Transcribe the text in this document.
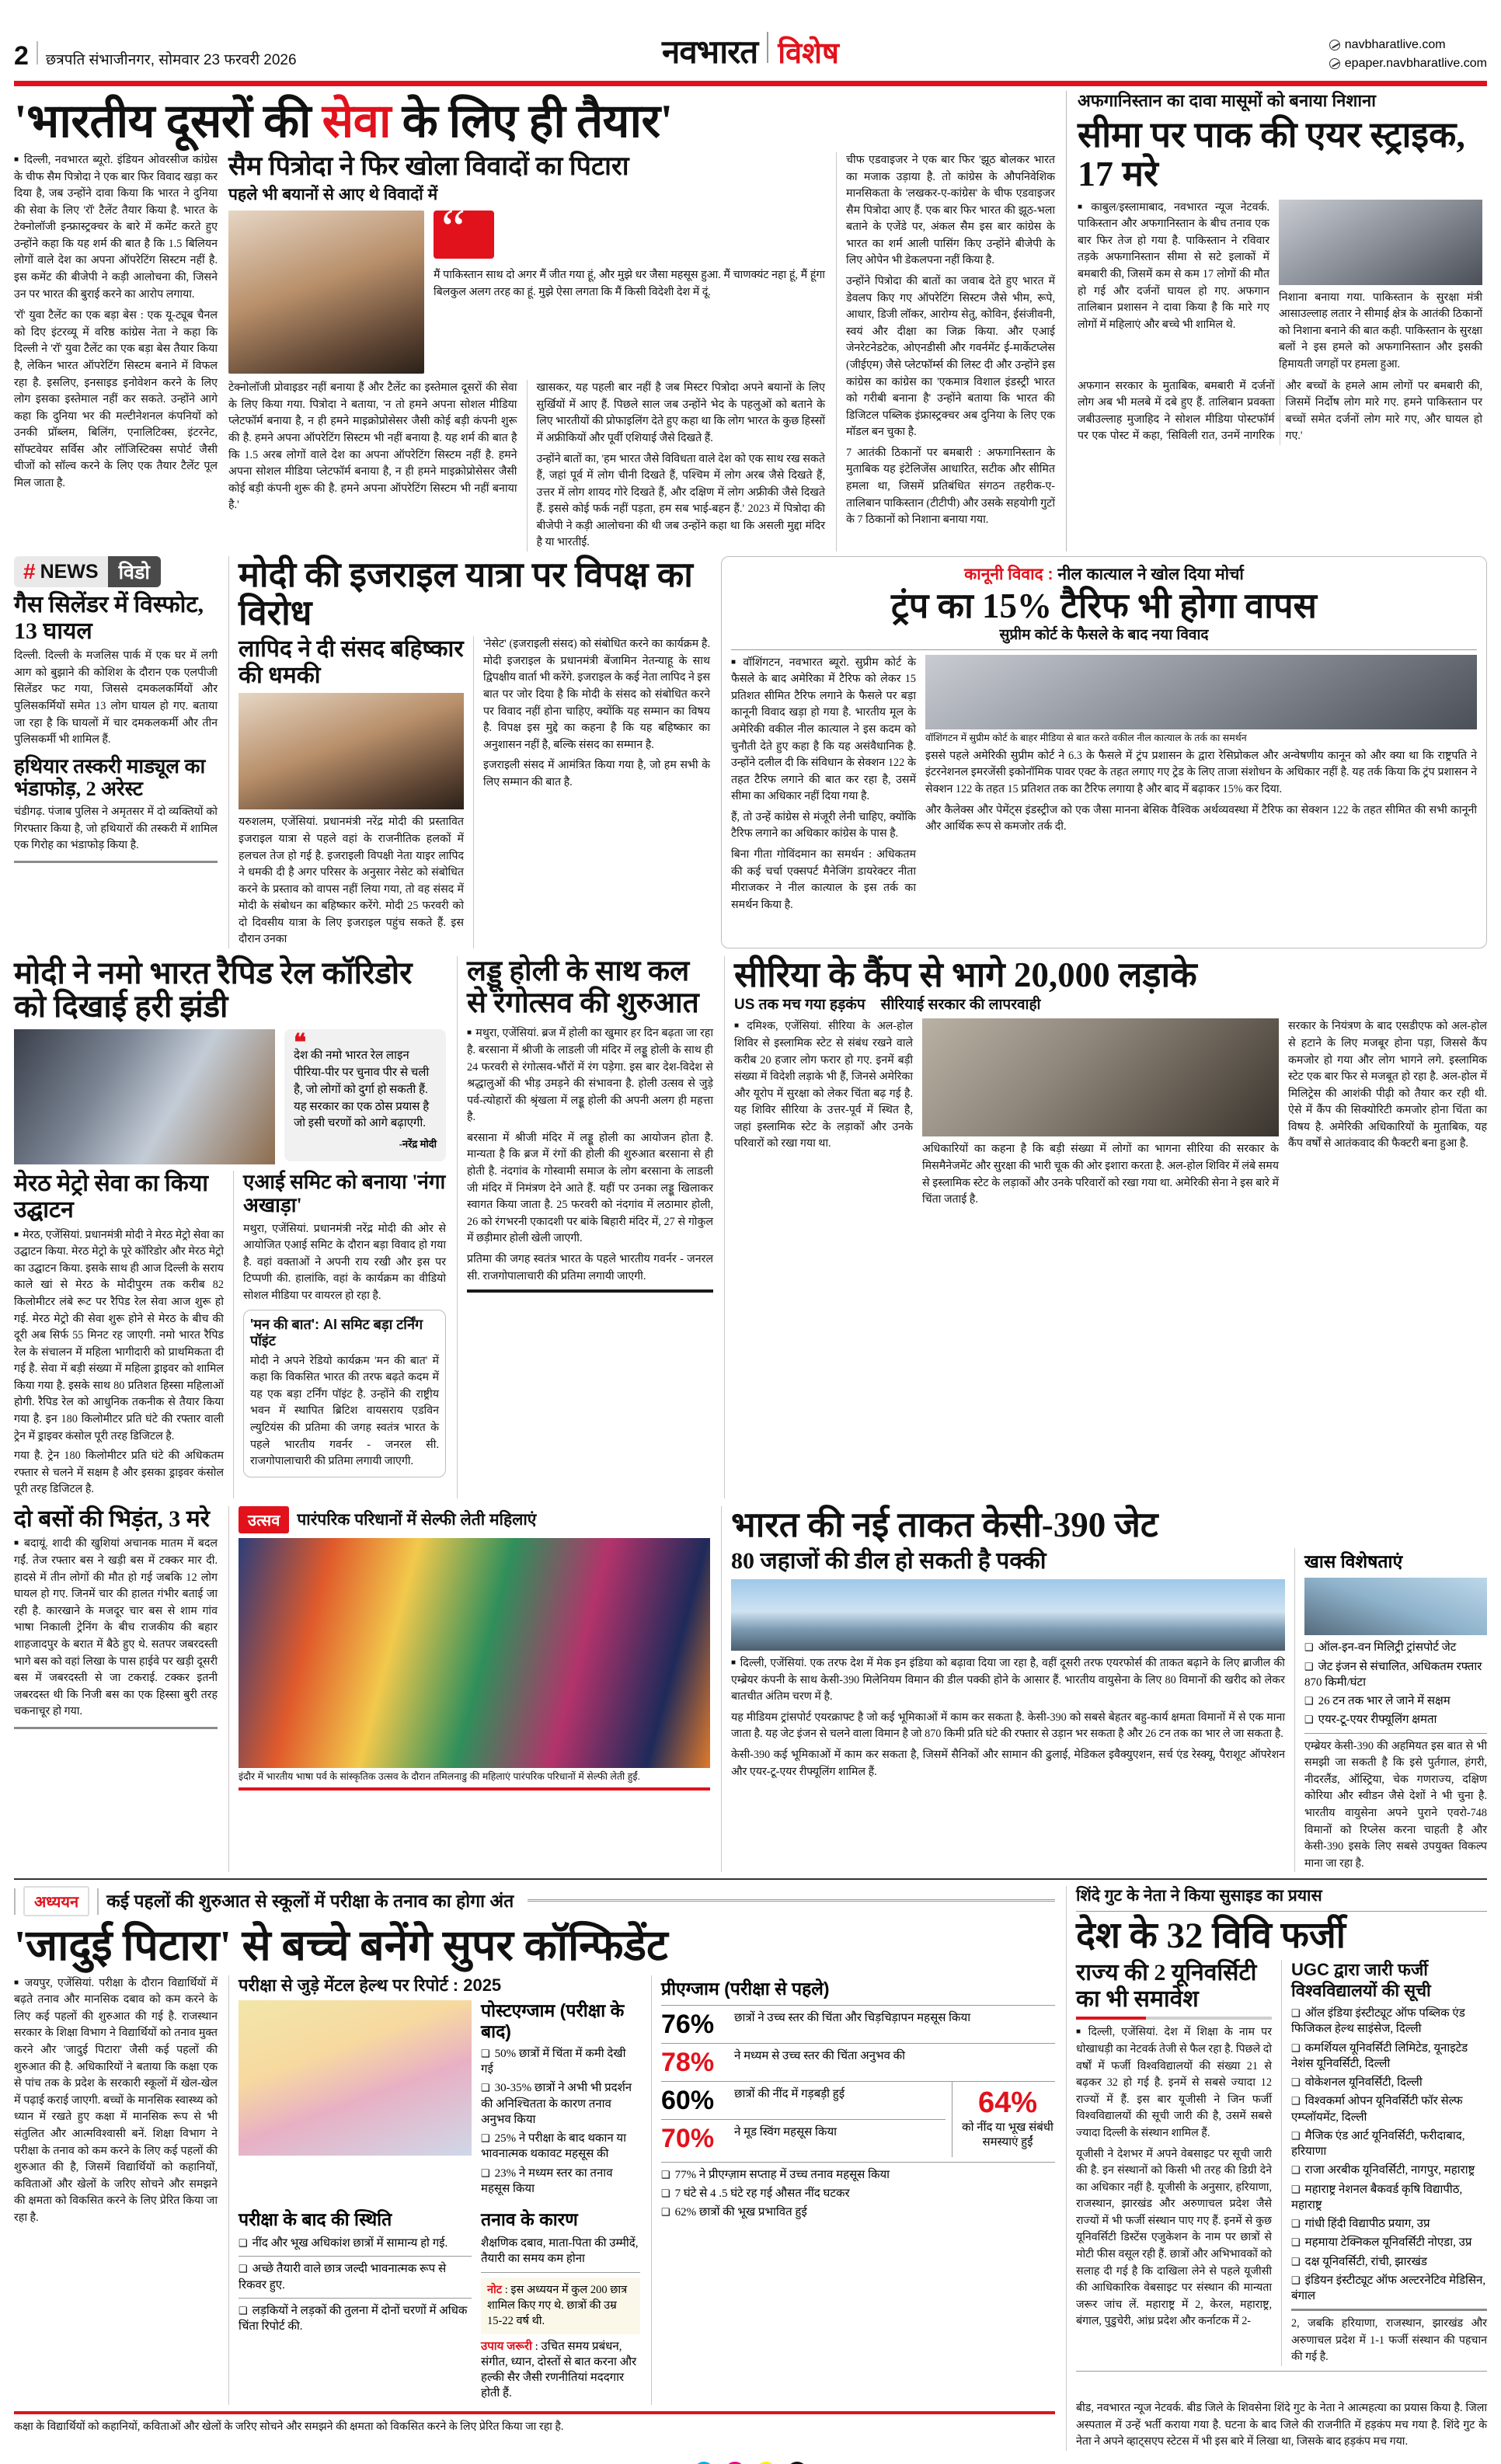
2 छत्रपति संभाजीनगर, सोमवार 23 फरवरी 2026	नवभारत विशेष	navbharatlive.com
epaper.navbharatlive.com
'भारतीय दूसरों की सेवा के लिए ही तैयार'
■ दिल्ली, नवभारत ब्यूरो. इंडियन ओवरसीज कांग्रेस के चीफ सैम पित्रोदा ने एक बार फिर विवाद खड़ा कर दिया है, जब उन्होंने दावा किया कि भारत ने दुनिया की सेवा के लिए 'रॉ' टैलेंट तैयार किया है. भारत के टेक्नोलॉजी इन्फ्रास्ट्रक्चर के बारे में कमेंट करते हुए उन्होंने कहा कि यह शर्म की बात है कि 1.5 बिलियन लोगों वाले देश का अपना ऑपरेटिंग सिस्टम नहीं है. इस कमेंट की बीजेपी ने कड़ी आलोचना की, जिसने उन पर भारत की बुराई करने का आरोप लगाया.
'रॉ' युवा टैलेंट का एक बड़ा बेस : एक यू-ट्यूब चैनल को दिए इंटरव्यू में वरिष्ठ कांग्रेस नेता ने कहा कि दिल्ली ने 'रॉ' युवा टैलेंट का एक बड़ा बेस तैयार किया है, लेकिन भारत ऑपरेटिंग सिस्टम बनाने में विफल रहा है. इसलिए, इनसाइड इनोवेशन करने के लिए लोग इसका इस्तेमाल नहीं कर सकते. उन्होंने आगे कहा कि दुनिया भर की मल्टीनेशनल कंपनियों को उनकी प्रॉब्लम, बिलिंग, एनालिटिक्स, इंटरनेट, सॉफ्टवेयर सर्विस और लॉजिस्टिक्स सपोर्ट जैसी चीजों को सॉल्व करने के लिए एक तैयार टैलेंट पूल मिल जाता है.
सैम पित्रोदा ने फिर खोला विवादों का पिटारा
पहले भी बयानों से आए थे विवादों में
“
मैं पाकिस्तान साथ दो अगर मैं जीत गया हूं, और मुझे धर जैसा महसूस हुआ. मैं चाणक्यंट नहा हूं, मैं हूंगा बिलकुल अलग तरह का हूं. मुझे ऐसा लगता कि मैं किसी विदेशी देश में दूं.
टेक्नोलॉजी प्रोवाइडर नहीं बनाया हैं और टैलेंट का इस्तेमाल दूसरों की सेवा के लिए किया गया. पित्रोदा ने बताया, 'न तो हमने अपना सोशल मीडिया प्लेटफॉर्म बनाया है, न ही हमने माइक्रोप्रोसेसर जैसी कोई बड़ी कंपनी शुरू की है. हमने अपना ऑपरेटिंग सिस्टम भी नहीं बनाया है. यह शर्म की बात है कि 1.5 अरब लोगों वाले देश का अपना ऑपरेटिंग सिस्टम नहीं है. हमने अपना सोशल मीडिया प्लेटफॉर्म बनाया है, न ही हमने माइक्रोप्रोसेसर जैसी कोई बड़ी कंपनी शुरू की है. हमने अपना ऑपरेटिंग सिस्टम भी नहीं बनाया है.'
खासकर, यह पहली बार नहीं है जब मिस्टर पित्रोदा अपने बयानों के लिए सुर्खियों में आए हैं. पिछले साल जब उन्होंने भेद के पहलुओं को बताने के लिए भारतीयों की प्रोफाइलिंग देते हुए कहा था कि लोग भारत के कुछ हिस्सों में अफ्रीकियों और पूर्वी एशियाई जैसे दिखते हैं.
उन्होंने बातों का, 'हम भारत जैसे विविधता वाले देश को एक साथ रख सकते हैं, जहां पूर्व में लोग चीनी दिखते हैं, पश्चिम में लोग अरब जैसे दिखते हैं, उत्तर में लोग शायद गोरे दिखते हैं, और दक्षिण में लोग अफ्रीकी जैसे दिखते हैं. इससे कोई फर्क नहीं पड़ता, हम सब भाई-बहन हैं.' 2023 में पित्रोदा की बीजेपी ने कड़ी आलोचना की थी जब उन्होंने कहा था कि असली मुद्दा मंदिर है या भारतीई.
चीफ एडवाइजर ने एक बार फिर 'झूठ बोलकर भारत का मजाक उड़ाया है. तो कांग्रेस के औपनिवेशिक मानसिकता के 'लखकर-ए-कांग्रेस' के चीफ एडवाइजर सैम पित्रोदा आए हैं. एक बार फिर भारत की झूठ-भला बताने के एजेंडे पर, अंकल सैम इस बार कांग्रेस के भारत का शर्म आली पासिंग किए उन्होंने बीजेपी के लिए ओपेन भी डेकलपना नहीं किया है.
उन्होंने पित्रोदा की बातों का जवाब देते हुए भारत में डेवलप किए गए ऑपरेटिंग सिस्टम जैसे भीम, रूपे, आधार, डिजी लॉकर, आरोग्य सेतु, कोविन, ईसंजीवनी, स्वयं और दीक्षा का जिक्र किया. और एआई जेनरेटनेडटेक, ओएनडीसी और गवर्नमेंट ई-मार्केटप्लेस (जीईएम) जैसे प्लेटफॉर्म्स की लिस्ट दी और उन्होंने इस कांग्रेस का कांग्रेस का 'एकमात्र विशाल इंडस्ट्री भारत को गरीबी बनाना है' उन्होंने बताया कि भारत की डिजिटल पब्लिक इंफ्रास्ट्रक्चर अब दुनिया के लिए एक मॉडल बन चुका है.
7 आतंकी ठिकानों पर बमबारी : अफगानिस्तान के मुताबिक यह इंटेलिजेंस आधारित, सटीक और सीमित हमला था, जिसमें प्रतिबंधित संगठन तहरीक-ए-तालिबान पाकिस्तान (टीटीपी) और उसके सहयोगी गुटों के 7 ठिकानों को निशाना बनाया गया.
अफगानिस्तान का दावा मासूमों को बनाया निशाना
सीमा पर पाक की एयर स्ट्राइक, 17 मरे
■ काबुल/इस्लामाबाद, नवभारत न्यूज नेटवर्क. पाकिस्तान और अफगानिस्तान के बीच तनाव एक बार फिर तेज हो गया है. पाकिस्तान ने रविवार तड़के अफगानिस्तान सीमा से सटे इलाकों में बमबारी की, जिसमें कम से कम 17 लोगों की मौत हो गई और दर्जनों घायल हो गए. अफगान तालिबान प्रशासन ने दावा किया है कि मारे गए लोगों में महिलाएं और बच्चे भी शामिल थे.
निशाना बनाया गया. पाकिस्तान के सुरक्षा मंत्री आसाउल्लाह लतार ने सीमाई क्षेत्र के आतंकी ठिकानों को निशाना बनाने की बात कही. पाकिस्तान के सुरक्षा बलों ने इस हमले को अफगानिस्तान और इसकी हिमायती जगहों पर हमला हुआ.
अफगान सरकार के मुताबिक, बमबारी में दर्जनों लोग अब भी मलबे में दबे हुए हैं. तालिबान प्रवक्ता जबीउल्लाह मुजाहिद ने सोशल मीडिया पोस्टफॉर्म पर एक पोस्ट में कहा, 'सिविली रात, उनमें नागरिक और बच्चों के हमले आम लोगों पर बमबारी की, जिसमें निर्दोष लोग मारे गए. हमने पाकिस्तान पर बच्चों समेत दर्जनों लोग मारे गए, और घायल हो गए.'
# NEWS	विडो
गैस सिलेंडर में विस्फोट, 13 घायल
दिल्ली. दिल्ली के मजलिस पार्क में एक घर में लगी आग को बुझाने की कोशिश के दौरान एक एलपीजी सिलेंडर फट गया, जिससे दमकलकर्मियों और पुलिसकर्मियों समेत 13 लोग घायल हो गए. बताया जा रहा है कि घायलों में चार दमकलकर्मी और तीन पुलिसकर्मी भी शामिल हैं.
हथियार तस्करी माड्यूल का भंडाफोड़, 2 अरेस्ट
चंडीगढ़. पंजाब पुलिस ने अमृतसर में दो व्यक्तियों को गिरफ्तार किया है, जो हथियारों की तस्करी में शामिल एक गिरोह का भंडाफोड़ किया है.
मोदी की इजराइल यात्रा पर विपक्ष का विरोध
लापिद ने दी संसद बहिष्कार की धमकी
यरुशलम, एजेंसियां. प्रधानमंत्री नरेंद्र मोदी की प्रस्तावित इजराइल यात्रा से पहले वहां के राजनीतिक हलकों में हलचल तेज हो गई है. इजराइली विपक्षी नेता याइर लापिद ने धमकी दी है अगर परिसर के अनुसार नेसेट को संबोधित करने के प्रस्ताव को वापस नहीं लिया गया, तो वह संसद में मोदी के संबोधन का बहिष्कार करेंगे. मोदी 25 फरवरी को दो दिवसीय यात्रा के लिए इजराइल पहुंच सकते हैं. इस दौरान उनका
'नेसेट' (इजराइली संसद) को संबोधित करने का कार्यक्रम है. मोदी इजराइल के प्रधानमंत्री बेंजामिन नेतन्याहू के साथ द्विपक्षीय वार्ता भी करेंगे. इजराइल के कई नेता लापिद ने इस बात पर जोर दिया है कि मोदी के संसद को संबोधित करने पर विवाद नहीं होना चाहिए, क्योंकि यह सम्मान का विषय है. विपक्ष इस मुद्दे का कहना है कि यह बहिष्कार का अनुशासन नहीं है, बल्कि संसद का सम्मान है.
इजराइली संसद में आमंत्रित किया गया है, जो हम सभी के लिए सम्मान की बात है.
कानूनी विवाद : नील कात्याल ने खोल दिया मोर्चा
ट्रंप का 15% टैरिफ भी होगा वापस
सुप्रीम कोर्ट के फैसले के बाद नया विवाद
■ वॉशिंगटन, नवभारत ब्यूरो. सुप्रीम कोर्ट के फैसले के बाद अमेरिका में टैरिफ को लेकर 15 प्रतिशत सीमित टैरिफ लगाने के फैसले पर बड़ा कानूनी विवाद खड़ा हो गया है. भारतीय मूल के अमेरिकी वकील नील कात्याल ने इस कदम को चुनौती देते हुए कहा है कि यह असंवैधानिक है. उन्होंने दलील दी कि संविधान के सेक्शन 122 के तहत टैरिफ लगाने की बात कर रहा है, उसमें सीमा का अधिकार नहीं दिया गया है.
हैं, तो उन्हें कांग्रेस से मंजूरी लेनी चाहिए, क्योंकि टैरिफ लगाने का अधिकार कांग्रेस के पास है.
बिना गीता गोविंदमान का समर्थन : अधिकतम की कई चर्चा एक्सपर्ट मैनेजिंग डायरेक्टर नीता मीराजकर ने नील कात्याल के इस तर्क का समर्थन किया है.
वॉशिंगटन में सुप्रीम कोर्ट के बाहर मीडिया से बात करते वकील नील कात्याल के तर्क का समर्थन
इससे पहले अमेरिकी सुप्रीम कोर्ट ने 6.3 के फैसले में ट्रंप प्रशासन के द्वारा रेसिप्रोकल और अन्वेषणीय कानून को और क्या था कि राष्ट्रपति ने इंटरनेशनल इमरजेंसी इकोनॉमिक पावर एक्ट के तहत लगाए गए ट्रेड के लिए ताजा संशोधन के अधिकार नहीं है. यह तर्क किया कि ट्रंप प्रशासन ने सेक्शन 122 के तहत 15 प्रतिशत तक का टैरिफ लगाया है और बाद में बढ़ाकर 15% कर दिया.
और कैलेक्स और पेमेंट्स इंडस्ट्रीज को एक जैसा मानना बेसिक वैश्विक अर्थव्यवस्था में टैरिफ का सेक्शन 122 के तहत सीमित की सभी कानूनी और आर्थिक रूप से कमजोर तर्क दी.
मोदी ने नमो भारत रैपिड रेल कॉरिडोर को दिखाई हरी झंडी
❝
देश की नमो भारत रेल लाइन पीरिया-पीर पर चुनाव पीर से चली है, जो लोगों को दुर्गा हो सकती हैं. यह सरकार का एक ठोस प्रयास है जो इसी चरणों को आगे बढ़ाएगी.
-नरेंद्र मोदी
मेरठ मेट्रो सेवा का किया उद्घाटन
■ मेरठ, एजेंसियां. प्रधानमंत्री मोदी ने मेरठ मेट्रो सेवा का उद्घाटन किया. मेरठ मेट्रो के पूरे कॉरिडोर और मेरठ मेट्रो का उद्घाटन किया. इसके साथ ही आज दिल्ली के सराय काले खां से मेरठ के मोदीपुरम तक करीब 82 किलोमीटर लंबे रूट पर रैपिड रेल सेवा आज शुरू हो गई. मेरठ मेट्रो की सेवा शुरू होने से मेरठ के बीच की दूरी अब सिर्फ 55 मिनट रह जाएगी. नमो भारत रैपिड रेल के संचालन में महिला भागीदारी को प्राथमिकता दी गई है. सेवा में बड़ी संख्या में महिला ड्राइवर को शामिल किया गया है. इसके साथ 80 प्रतिशत हिस्सा महिलाओं होगी. रैपिड रेल को आधुनिक तकनीक से तैयार किया गया है. इन 180 किलोमीटर प्रति घंटे की रफ्तार वाली ट्रेन में ड्राइवर कंसोल पूरी तरह डिजिटल है.
गया है. ट्रेन 180 किलोमीटर प्रति घंटे की अधिकतम रफ्तार से चलने में सक्षम है और इसका ड्राइवर कंसोल पूरी तरह डिजिटल है.
एआई समिट को बनाया 'नंगा अखाड़ा'
मथुरा, एजेंसियां. प्रधानमंत्री नरेंद्र मोदी की ओर से आयोजित एआई समिट के दौरान बड़ा विवाद हो गया है. वहां वक्ताओं ने अपनी राय रखी और इस पर टिप्पणी की. हालांकि, वहां के कार्यक्रम का वीडियो सोशल मीडिया पर वायरल हो रहा है.
'मन की बात': AI समिट बड़ा टर्निंग पॉइंट
मोदी ने अपने रेडियो कार्यक्रम 'मन की बात' में कहा कि विकसित भारत की तरफ बढ़ते कदम में यह एक बड़ा टर्निंग पॉइंट है. उन्होंने की राष्ट्रीय भवन में स्थापित ब्रिटिश वायसराय एडविन ल्युटियंस की प्रतिमा की जगह स्वतंत्र भारत के पहले भारतीय गवर्नर - जनरल सी. राजगोपालाचारी की प्रतिमा लगायी जाएगी.
लड्डू होली के साथ कल से रंगोत्सव की शुरुआत
■ मथुरा, एजेंसियां. ब्रज में होली का खुमार हर दिन बढ़ता जा रहा है. बरसाना में श्रीजी के लाडली जी मंदिर में लड्डू होली के साथ ही 24 फरवरी से रंगोत्सव-भौंरों में रंग पड़ेगा. इस बार देश-विदेश से श्रद्धालुओं की भीड़ उमड़ने की संभावना है. होली उत्सव से जुड़े पर्व-त्योहारों की श्रृंखला में लड्डू होली की अपनी अलग ही महत्ता है.
बरसाना में श्रीजी मंदिर में लड्डू होली का आयोजन होता है. मान्यता है कि ब्रज में रंगों की होली की शुरुआत बरसाना से ही होती है. नंदगांव के गोस्वामी समाज के लोग बरसाना के लाडली जी मंदिर में निमंत्रण देने आते हैं. यहीं पर उनका लड्डू खिलाकर स्वागत किया जाता है. 25 फरवरी को नंदगांव में लठामार होली, 26 को रंगभरनी एकादशी पर बांके बिहारी मंदिर में, 27 से गोकुल में छड़ीमार होली खेली जाएगी.
प्रतिमा की जगह स्वतंत्र भारत के पहले भारतीय गवर्नर - जनरल सी. राजगोपालाचारी की प्रतिमा लगायी जाएगी.
सीरिया के कैंप से भागे 20,000 लड़ाके
US तक मच गया हड़कंप सीरियाई सरकार की लापरवाही
■ दमिश्क, एजेंसियां. सीरिया के अल-होल शिविर से इस्लामिक स्टेट से संबंध रखने वाले करीब 20 हजार लोग फरार हो गए. इनमें बड़ी संख्या में विदेशी लड़ाके भी हैं, जिनसे अमेरिका और यूरोप में सुरक्षा को लेकर चिंता बढ़ गई है. यह शिविर सीरिया के उत्तर-पूर्व में स्थित है, जहां इस्लामिक स्टेट के लड़ाकों और उनके परिवारों को रखा गया था.	अधिकारियों का कहना है कि बड़ी संख्या में लोगों का भागना सीरिया की सरकार के मिसमैनेजमेंट और सुरक्षा की भारी चूक की ओर इशारा करता है. अल-होल शिविर में लंबे समय से इस्लामिक स्टेट के लड़ाकों और उनके परिवारों को रखा गया था. अमेरिकी सेना ने इस बारे में चिंता जताई है.
सरकार के नियंत्रण के बाद एसडीएफ को अल-होल से हटाने के लिए मजबूर होना पड़ा, जिससे कैंप कमजोर हो गया और लोग भागने लगे. इस्लामिक स्टेट एक बार फिर से मजबूत हो रहा है. अल-होल में मिलिट्रेस की आशंकी पीढ़ी को तैयार कर रही थी. ऐसे में कैंप की सिक्योरिटी कमजोर होना चिंता का विषय है. अमेरिकी अधिकारियों के मुताबिक, यह कैंप वर्षों से आतंकवाद की फैक्टरी बना हुआ है.
दो बसों की भिड़ंत, 3 मरे
■ बदायूं. शादी की खुशियां अचानक मातम में बदल गईं. तेज रफ्तार बस ने खड़ी बस में टक्कर मार दी. हादसे में तीन लोगों की मौत हो गई जबकि 12 लोग घायल हो गए. जिनमें चार की हालत गंभीर बताई जा रही है. कारखाने के मजदूर चार बस से शाम गांव भाषा निकाली ट्रेनिंग के बीच राजकीय की बहार शाहजादपुर के बरात में बैठे हुए थे. सतपर जबरदस्ती भागे बस को वहां लिखा के पास हाईवे पर खड़ी दूसरी बस में जबरदस्ती से जा टकराई. टक्कर इतनी जबरदस्त थी कि निजी बस का एक हिस्सा बुरी तरह चकनाचूर हो गया.
उत्सव	पारंपरिक परिधानों में सेल्फी लेती महिलाएं
इंदौर में भारतीय भाषा पर्व के सांस्कृतिक उत्सव के दौरान तमिलनाडु की महिलाएं पारंपरिक परिधानों में सेल्फी लेती हुईं.
भारत की नई ताकत केसी-390 जेट
80 जहाजों की डील हो सकती है पक्की
■ दिल्ली, एजेंसियां. एक तरफ देश में मेक इन इंडिया को बढ़ावा दिया जा रहा है, वहीं दूसरी तरफ एयरफोर्स की ताकत बढ़ाने के लिए ब्राजील की एम्ब्रेयर कंपनी के साथ केसी-390 मिलेनियम विमान की डील पक्की होने के आसार हैं. भारतीय वायुसेना के लिए 80 विमानों की खरीद को लेकर बातचीत अंतिम चरण में है.
यह मीडियम ट्रांसपोर्ट एयरक्राफ्ट है जो कई भूमिकाओं में काम कर सकता है. केसी-390 को सबसे बेहतर बहु-कार्य क्षमता विमानों में से एक माना जाता है. यह जेट इंजन से चलने वाला विमान है जो 870 किमी प्रति घंटे की रफ्तार से उड़ान भर सकता है और 26 टन तक का भार ले जा सकता है.
केसी-390 कई भूमिकाओं में काम कर सकता है, जिसमें सैनिकों और सामान की ढुलाई, मेडिकल इवैक्युएशन, सर्च एंड रेस्क्यू, पैराशूट ऑपरेशन और एयर-टू-एयर रीफ्यूलिंग शामिल हैं.
खास विशेषताएं
❑ ऑल-इन-वन मिलिट्री ट्रांसपोर्ट जेट
❑ जेट इंजन से संचालित, अधिकतम रफ्तार 870 किमी/घंटा
❑ 26 टन तक भार ले जाने में सक्षम
❑ एयर-टू-एयर रीफ्यूलिंग क्षमता
एम्ब्रेयर केसी-390 की अहमियत इस बात से भी समझी जा सकती है कि इसे पुर्तगाल, हंगरी, नीदरलैंड, ऑस्ट्रिया, चेक गणराज्य, दक्षिण कोरिया और स्वीडन जैसे देशों ने भी चुना है. भारतीय वायुसेना अपने पुराने एवरो-748 विमानों को रिप्लेस करना चाहती है और केसी-390 इसके लिए सबसे उपयुक्त विकल्प माना जा रहा है.
अध्ययन	कई पहलों की शुरुआत से स्कूलों में परीक्षा के तनाव का होगा अंत
'जादुई पिटारा' से बच्चे बनेंगे सुपर कॉन्फिडेंट
■ जयपुर, एजेंसियां. परीक्षा के दौरान विद्यार्थियों में बढ़ते तनाव और मानसिक दबाव को कम करने के लिए कई पहलों की शुरुआत की गई है. राजस्थान सरकार के शिक्षा विभाग ने विद्यार्थियों को तनाव मुक्त करने और 'जादुई पिटारा' जैसी कई पहलों की शुरुआत की है. अधिकारियों ने बताया कि कक्षा एक से पांच तक के प्रदेश के सरकारी स्कूलों में खेल-खेल में पढ़ाई कराई जाएगी. बच्चों के मानसिक स्वास्थ्य को ध्यान में रखते हुए कक्षा में मानसिक रूप से भी संतुलित और आत्मविश्वासी बनें. शिक्षा विभाग ने परीक्षा के तनाव को कम करने के लिए कई पहलों की शुरुआत की है, जिसमें विद्यार्थियों को कहानियों, कविताओं और खेलों के जरिए सोचने और समझने की क्षमता को विकसित करने के लिए प्रेरित किया जा रहा है.
परीक्षा से जुड़े मेंटल हेल्थ पर रिपोर्ट : 2025
पोस्टएग्जाम (परीक्षा के बाद)
❑ 50% छात्रों में चिंता में कमी देखी गई
❑ 30-35% छात्रों ने अभी भी प्रदर्शन की अनिश्चितता के कारण तनाव अनुभव किया
❑ 25% ने परीक्षा के बाद थकान या भावनात्मक थकावट महसूस की
❑ 23% ने मध्यम स्तर का तनाव महसूस किया
परीक्षा के बाद की स्थिति
❑ नींद और भूख अधिकांश छात्रों में सामान्य हो गई.
❑ अच्छे तैयारी वाले छात्र जल्दी भावनात्मक रूप से रिकवर हुए.
❑ लड़कियों ने लड़कों की तुलना में दोनों चरणों में अधिक चिंता रिपोर्ट की.
तनाव के कारण
शैक्षणिक दबाव, माता-पिता की उम्मीदें, तैयारी का समय कम होना
नोट : इस अध्ययन में कुल 200 छात्र शामिल किए गए थे. छात्रों की उम्र 15-22 वर्ष थी.
उपाय जरूरी : उचित समय प्रबंधन, संगीत, ध्यान, दोस्तों से बात करना और हल्की सैर जैसी रणनीतियां मददगार होती हैं.
प्रीएग्जाम (परीक्षा से पहले)
76%	छात्रों ने उच्च स्तर की चिंता और चिड़चिड़ापन महसूस किया
78%	ने मध्यम से उच्च स्तर की चिंता अनुभव की
60%	छात्रों की नींद में गड़बड़ी हुई
70%	ने मूड स्विंग महसूस किया
64%
को नींद या भूख संबंधी समस्याएं हुईं
❑ 77% ने प्रीएग्ज़ाम सप्ताह में उच्च तनाव महसूस किया
❑ 7 घंटे से 4 .5 घंटे रह गई औसत नींद घटकर
❑ 62% छात्रों की भूख प्रभावित हुई
कक्षा के विद्यार्थियों को कहानियों, कविताओं और खेलों के जरिए सोचने और समझने की क्षमता को विकसित करने के लिए प्रेरित किया जा रहा है.
शिंदे गुट के नेता ने किया सुसाइड का प्रयास
देश के 32 विवि फर्जी
राज्य की 2 यूनिवर्सिटी का भी समावेश
■ दिल्ली, एजेंसियां. देश में शिक्षा के नाम पर धोखाधड़ी का नेटवर्क तेजी से फैल रहा है. पिछले दो वर्षों में फर्जी विश्वविद्यालयों की संख्या 21 से बढ़कर 32 हो गई है. इनमें से सबसे ज्यादा 12 राज्यों में हैं. इस बार यूजीसी ने जिन फर्जी विश्वविद्यालयों की सूची जारी की है, उसमें सबसे ज्यादा दिल्ली के संस्थान शामिल हैं.
यूजीसी ने देशभर में अपने वेबसाइट पर सूची जारी की है. इन संस्थानों को किसी भी तरह की डिग्री देने का अधिकार नहीं है. यूजीसी के अनुसार, हरियाणा, राजस्थान, झारखंड और अरुणाचल प्रदेश जैसे राज्यों में भी फर्जी संस्थान पाए गए हैं. इनमें से कुछ यूनिवर्सिटी डिस्टेंस एजुकेशन के नाम पर छात्रों से मोटी फीस वसूल रही हैं. छात्रों और अभिभावकों को सलाह दी गई है कि दाखिला लेने से पहले यूजीसी की आधिकारिक वेबसाइट पर संस्थान की मान्यता जरूर जांच लें. महाराष्ट्र में 2, केरल, महाराष्ट्र, बंगाल, पुडुचेरी, आंध्र प्रदेश और कर्नाटक में 2-
UGC द्वारा जारी फर्जी विश्वविद्यालयों की सूची
❑ ऑल इंडिया इंस्टीट्यूट ऑफ पब्लिक एंड फिजिकल हेल्थ साइंसेज, दिल्ली
❑ कमर्शियल यूनिवर्सिटी लिमिटेड, यूनाइटेड नेशंस यूनिवर्सिटी, दिल्ली
❑ वोकेशनल यूनिवर्सिटी, दिल्ली
❑ विश्वकर्मा ओपन यूनिवर्सिटी फॉर सेल्फ एम्प्लॉयमेंट, दिल्ली
❑ मैजिक एंड आर्ट यूनिवर्सिटी, फरीदाबाद, हरियाणा
❑ राजा अरबीक यूनिवर्सिटी, नागपुर, महाराष्ट्र
❑ महाराष्ट्र नेशनल बैकवर्ड कृषि विद्यापीठ, महाराष्ट्र
❑ गांधी हिंदी विद्यापीठ प्रयाग, उप्र
❑ महमाया टेक्निकल यूनिवर्सिटी नोएडा, उप्र
❑ दक्ष यूनिवर्सिटी, रांची, झारखंड
❑ इंडियन इंस्टीट्यूट ऑफ अल्टरनेटिव मेडिसिन, बंगाल
2, जबकि हरियाणा, राजस्थान, झारखंड और अरुणाचल प्रदेश में 1-1 फर्जी संस्थान की पहचान की गई है.

बीड, नवभारत न्यूज नेटवर्क. बीड जिले के शिवसेना शिंदे गुट के नेता ने आत्महत्या का प्रयास किया है. जिला अस्पताल में उन्हें भर्ती कराया गया है. घटना के बाद जिले की राजनीति में हड़कंप मच गया है. शिंदे गुट के नेता ने अपने व्हाट्सएप स्टेटस में भी इस बारे में लिखा था, जिसके बाद हड़कंप मच गया.
